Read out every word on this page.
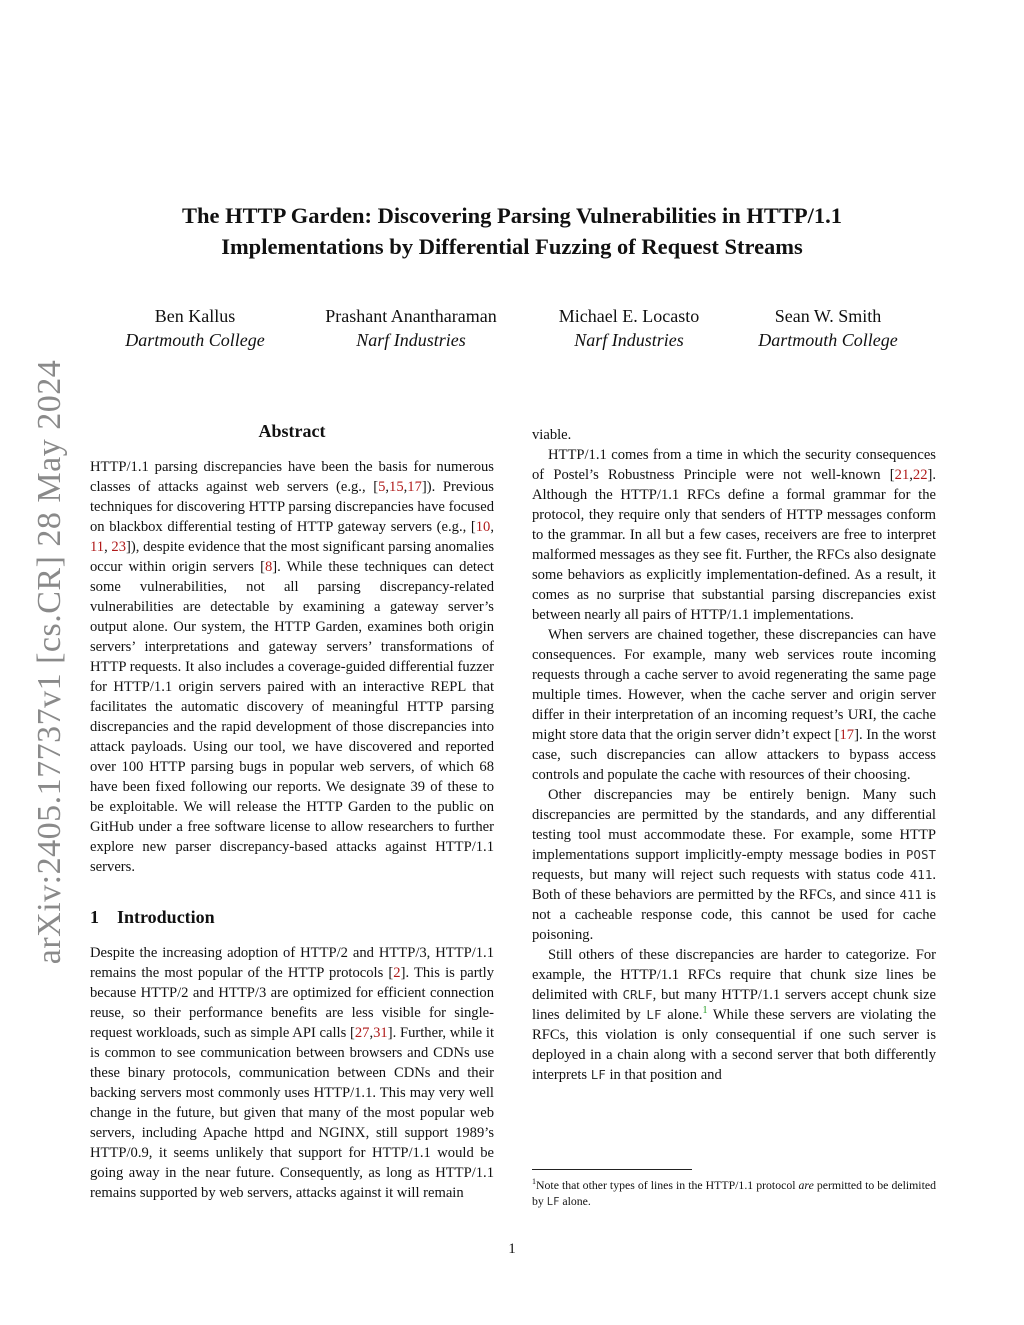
arXiv:2405.17737v1 [cs.CR] 28 May 2024
The HTTP Garden: Discovering Parsing Vulnerabilities in HTTP/1.1
Implementations by Differential Fuzzing of Request Streams
Ben Kallus
Dartmouth College
Prashant Anantharaman
Narf Industries
Michael E. Locasto
Narf Industries
Sean W. Smith
Dartmouth College

Abstract

HTTP/1.1 parsing discrepancies have been the basis for numerous classes of attacks against web servers (e.g., [5,15,17]). Previous techniques for discovering HTTP parsing discrepancies have focused on blackbox differential testing of HTTP gateway servers (e.g., [10, 11, 23]), despite evidence that the most significant parsing anomalies occur within origin servers [8]. While these techniques can detect some vulnerabilities, not all parsing discrepancy-related vulnerabilities are detectable by examining a gateway server’s output alone. Our system, the HTTP Garden, examines both origin servers’ interpretations and gateway servers’ transformations of HTTP requests. It also includes a coverage-guided differential fuzzer for HTTP/1.1 origin servers paired with an interactive REPL that facilitates the automatic discovery of meaningful HTTP parsing discrepancies and the rapid development of those discrepancies into attack payloads. Using our tool, we have discovered and reported over 100 HTTP parsing bugs in popular web servers, of which 68 have been fixed following our reports. We designate 39 of these to be exploitable. We will release the HTTP Garden to the public on GitHub under a free software license to allow researchers to further explore new parser discrepancy-based attacks against HTTP/1.1 servers.

1 Introduction

Despite the increasing adoption of HTTP/2 and HTTP/3, HTTP/1.1 remains the most popular of the HTTP protocols [2]. This is partly because HTTP/2 and HTTP/3 are optimized for efficient connection reuse, so their performance benefits are less visible for single-request workloads, such as simple API calls [27,31]. Further, while it is common to see communication between browsers and CDNs use these binary protocols, communication between CDNs and their backing servers most commonly uses HTTP/1.1. This may very well change in the future, but given that many of the most popular web servers, including Apache httpd and NGINX, still support 1989’s HTTP/0.9, it seems unlikely that support for HTTP/1.1 would be going away in the near future. Consequently, as long as HTTP/1.1 remains supported by web servers, attacks against it will remain

viable.

HTTP/1.1 comes from a time in which the security consequences of Postel’s Robustness Principle were not well-known [21,22]. Although the HTTP/1.1 RFCs define a formal grammar for the protocol, they require only that senders of HTTP messages conform to the grammar. In all but a few cases, receivers are free to interpret malformed messages as they see fit. Further, the RFCs also designate some behaviors as explicitly implementation-defined. As a result, it comes as no surprise that substantial parsing discrepancies exist between nearly all pairs of HTTP/1.1 implementations.

When servers are chained together, these discrepancies can have consequences. For example, many web services route incoming requests through a cache server to avoid regenerating the same page multiple times. However, when the cache server and origin server differ in their interpretation of an incoming request’s URI, the cache might store data that the origin server didn’t expect [17]. In the worst case, such discrepancies can allow attackers to bypass access controls and populate the cache with resources of their choosing.

Other discrepancies may be entirely benign. Many such discrepancies are permitted by the standards, and any differential testing tool must accommodate these. For example, some HTTP implementations support implicitly-empty message bodies in POST requests, but many will reject such requests with status code 411. Both of these behaviors are permitted by the RFCs, and since 411 is not a cacheable response code, this cannot be used for cache poisoning.

Still others of these discrepancies are harder to categorize. For example, the HTTP/1.1 RFCs require that chunk size lines be delimited with CRLF, but many HTTP/1.1 servers accept chunk size lines delimited by LF alone.$^1$ While these servers are violating the RFCs, this violation is only consequential if one such server is deployed in a chain along with a second server that both differently interprets LF in that position and

$^1$Note that other types of lines in the HTTP/1.1 protocol are permitted to be delimited by LF alone.
1
